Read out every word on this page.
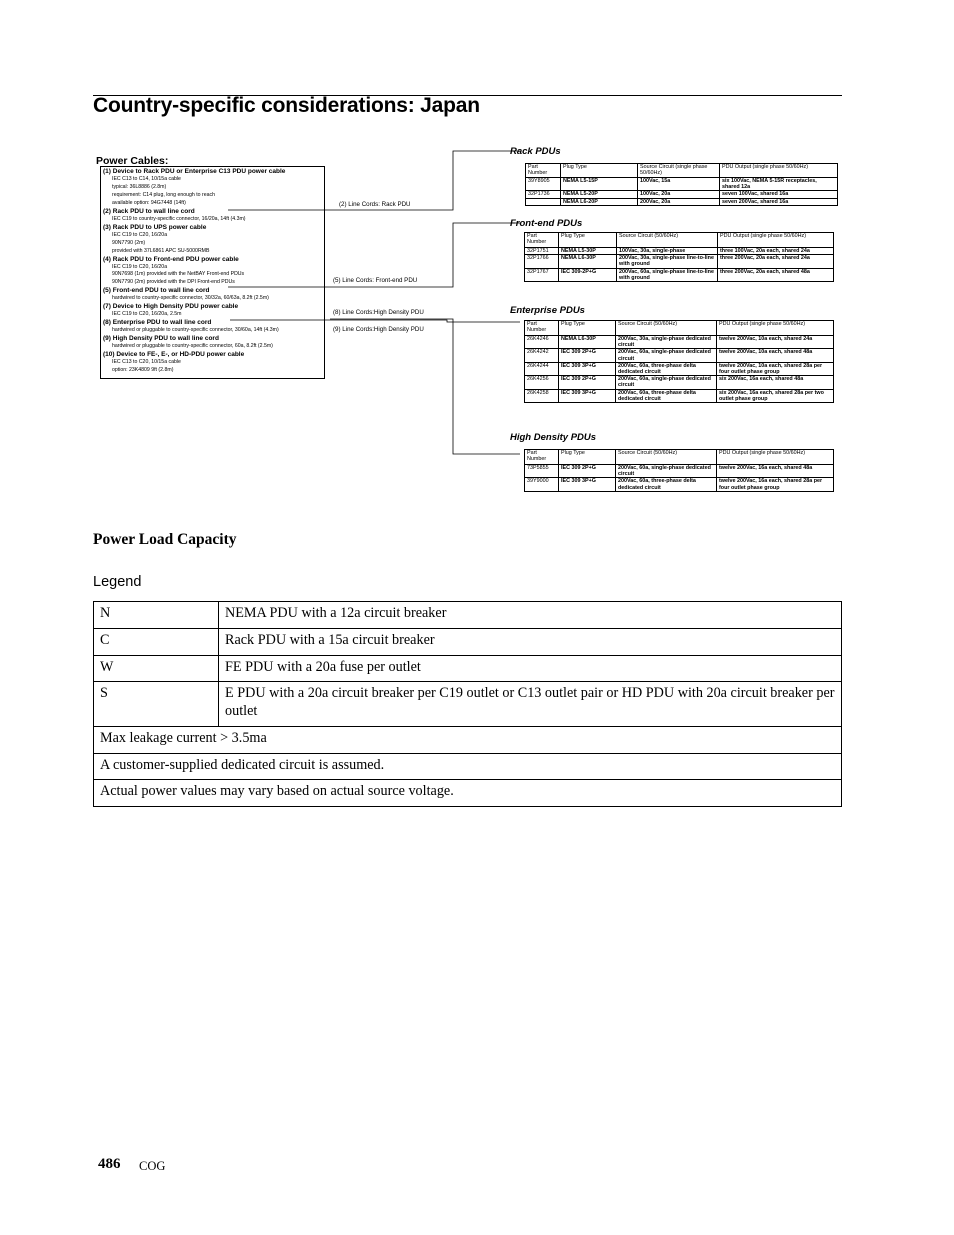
Country-specific considerations: Japan
Power Cables:
(1) Device to Rack PDU or Enterprise C13 PDU power cable
IEC C13 to C14, 10/15a cable
typical: 36L8886 (2.8m)
requirement: C14 plug, long enough to reach
available option: 94G7448 (14ft)
(2) Rack PDU to wall line cord
IEC C19 to country-specific connector, 16/20a, 14ft (4.3m)
(3) Rack PDU to UPS power cable
IEC C19 to C20, 16/20a
90N7790 (2m)
provided with 37L6861 APC SU-5000RMB
(4) Rack PDU to Front-end PDU power cable
IEC C19 to C20, 16/20a
90N7698 (1m) provided with the NetBAY Front-end PDUs
90N7790 (2m) provided with the DPI Front-end PDUs
(5) Front-end PDU to wall line cord
hardwired to country-specific connector, 30/32a, 60/63a, 8.2ft (2.5m)
(7) Device to High Density PDU power cable
IEC C19 to C20, 16/20a, 2.5m
(8) Enterprise PDU to wall line cord
hardwired or pluggable to country-specific connector, 30/60a, 14ft (4.3m)
(9) High Density PDU to wall line cord
hardwired or pluggable to country-specific connector, 60a, 8.2ft (2.5m)
(10) Device to FE-, E-, or HD-PDU power cable
IEC C13 to C20, 10/15a cable
option: 23K4809 9ft (2.8m)
(2) Line Cords: Rack PDU
(5) Line Cords: Front-end PDU
(8) Line Cords:High Density PDU
(9) Line Cords:High Density PDU
Rack PDUs
Part Number	Plug Type	Source Circuit (single phase 50/60Hz)	PDU Output (single phase 50/60Hz)
39Y8905	NEMA L5-15P	100Vac, 15a	six 100Vac, NEMA 5-15R receptacles, shared 12a
32P1736	NEMA L5-20P	100Vac, 20a	seven 100Vac, shared 16a
	NEMA L6-20P	200Vac, 20a	seven 200Vac, shared 16a
Front-end PDUs
Part Number	Plug Type	Source Circuit (50/60Hz)	PDU Output (single phase 50/60Hz)
32P1751	NEMA L5-30P	100Vac, 30a, single-phase	three 100Vac, 20a each, shared 24a
32P1766	NEMA L6-30P	200Vac, 30a, single-phase line-to-line with ground	three 200Vac, 20a each, shared 24a
32P1767	IEC 309-2P+G	200Vac, 60a, single-phase line-to-line with ground	three 200Vac, 20a each, shared 48a
Enterprise PDUs
Part Number	Plug Type	Source Circuit (50/60Hz)	PDU Output (single phase 50/60Hz)
26K4246	NEMA L6-30P	200Vac, 30a, single-phase dedicated circuit	twelve 200Vac, 10a each, shared 24a
26K4242	IEC 309 2P+G	200Vac, 60a, single-phase dedicated circuit	twelve 200Vac, 10a each, shared 48a
26K4244	IEC 309 3P+G	200Vac, 60a, three-phase delta dedicated circuit	twelve 200Vac, 10a each, shared 28a per four outlet phase group
26K4256	IEC 309 2P+G	200Vac, 60a, single-phase dedicated circuit	six 200Vac, 16a each, shared 48a
26K4258	IEC 309 3P+G	200Vac, 60a, three-phase delta dedicated circuit	six 200Vac, 16a each, shared 28a per two outlet phase group
High Density PDUs
Part Number	Plug Type	Source Circuit (50/60Hz)	PDU Output (single phase 50/60Hz)
73P5855	IEC 309 2P+G	200Vac, 60a, single-phase dedicated circuit	twelve 200Vac, 16a each, shared 48a
39Y9000	IEC 309 3P+G	200Vac, 60a, three-phase delta dedicated circuit	twelve 200Vac, 16a each, shared 28a per four outlet phase group
Power Load Capacity
Legend
N	NEMA PDU with a 12a circuit breaker
C	Rack PDU with a 15a circuit breaker
W	FE PDU with a 20a fuse per outlet
S	E PDU with a 20a circuit breaker per C19 outlet or C13 outlet pair or HD PDU with 20a circuit breaker per outlet
Max leakage current > 3.5ma	
A customer-supplied dedicated circuit is assumed.	
Actual power values may vary based on actual source voltage.	
486 COG
